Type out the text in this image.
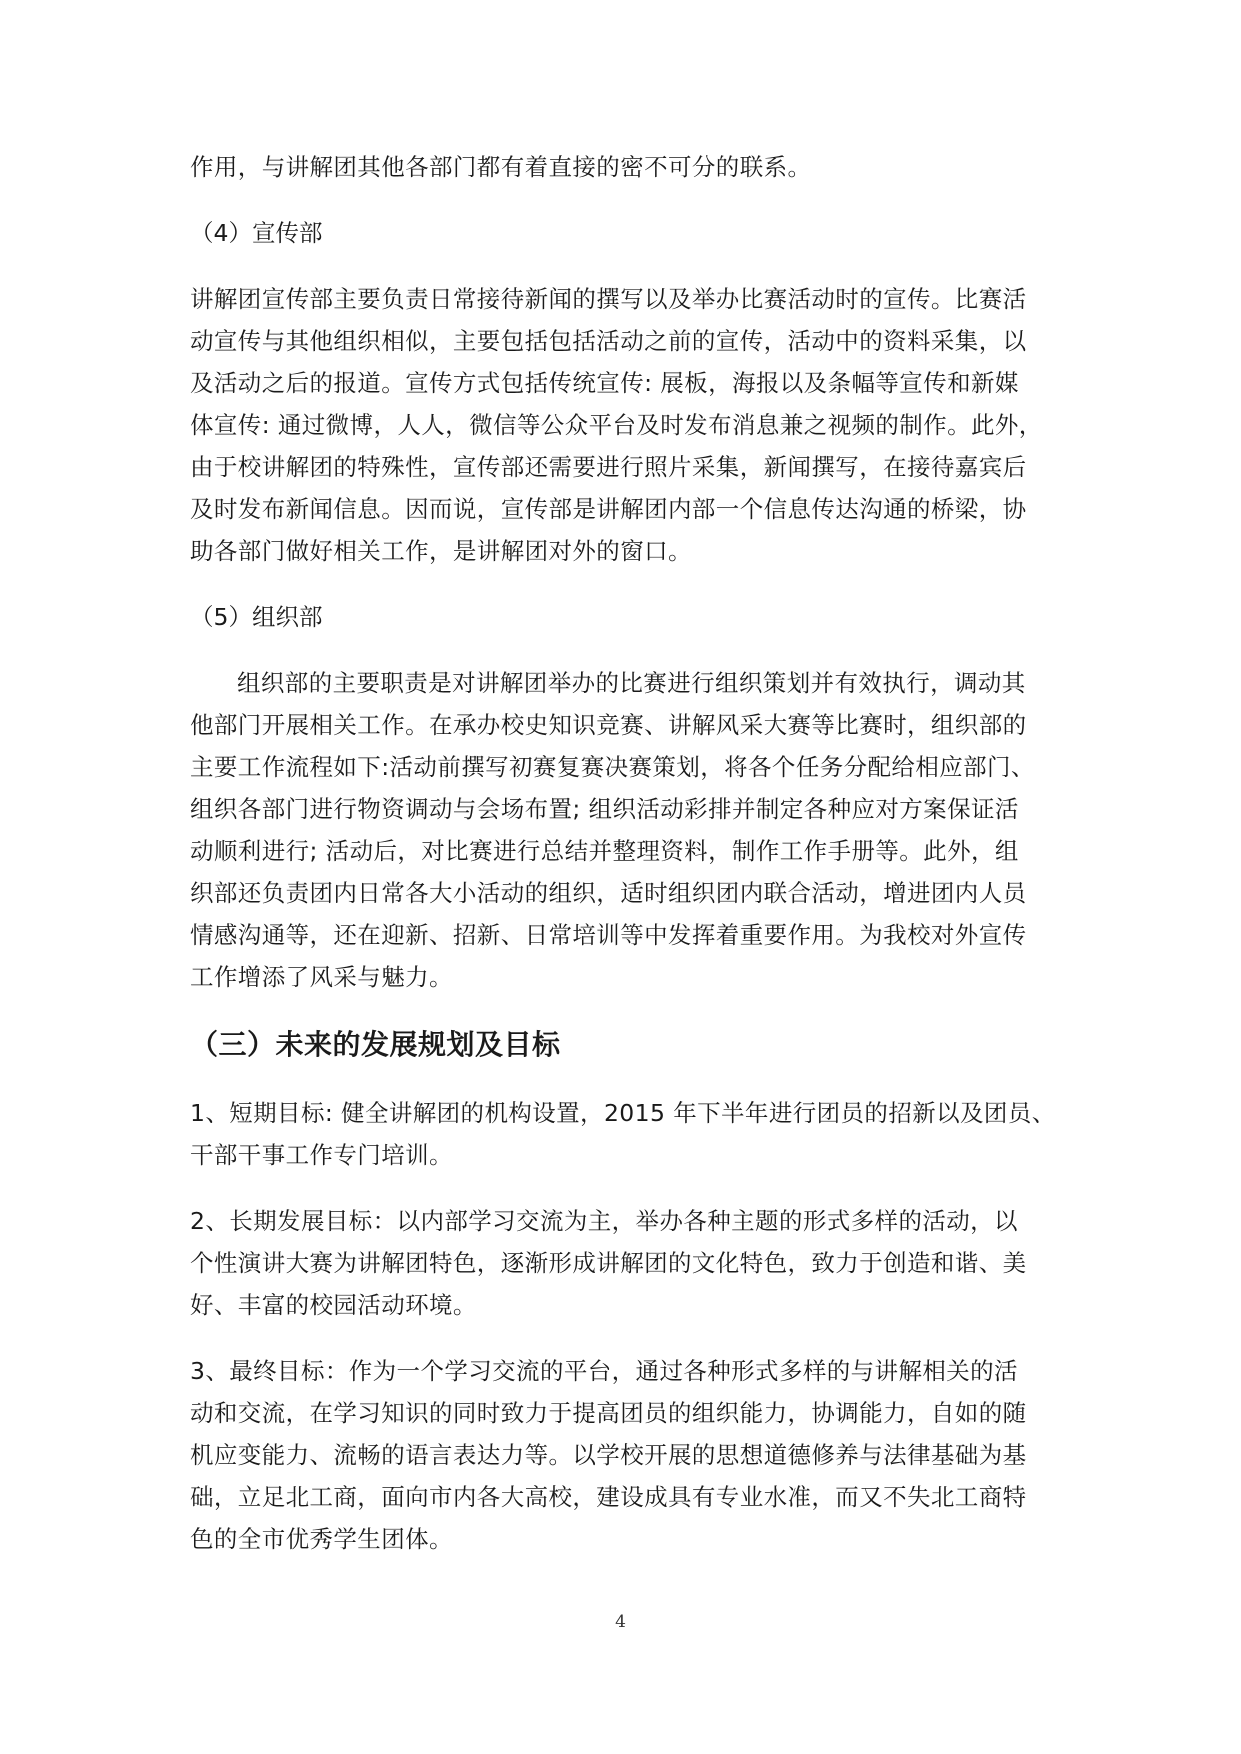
作用，与讲解团其他各部门都有着直接的密不可分的联系。

（4）宣传部

讲解团宣传部主要负责日常接待新闻的撰写以及举办比赛活动时的宣传。比赛活
动宣传与其他组织相似，主要包括包括活动之前的宣传，活动中的资料采集，以
及活动之后的报道。宣传方式包括传统宣传: 展板，海报以及条幅等宣传和新媒
体宣传: 通过微博，人人，微信等公众平台及时发布消息兼之视频的制作。此外，
由于校讲解团的特殊性，宣传部还需要进行照片采集，新闻撰写，在接待嘉宾后
及时发布新闻信息。因而说，宣传部是讲解团内部一个信息传达沟通的桥梁，协
助各部门做好相关工作，是讲解团对外的窗口。

（5）组织部

组织部的主要职责是对讲解团举办的比赛进行组织策划并有效执行，调动其
他部门开展相关工作。在承办校史知识竞赛、讲解风采大赛等比赛时，组织部的
主要工作流程如下:活动前撰写初赛复赛决赛策划，将各个任务分配给相应部门、
组织各部门进行物资调动与会场布置; 组织活动彩排并制定各种应对方案保证活
动顺利进行; 活动后，对比赛进行总结并整理资料，制作工作手册等。此外，组
织部还负责团内日常各大小活动的组织，适时组织团内联合活动，增进团内人员
情感沟通等，还在迎新、招新、日常培训等中发挥着重要作用。为我校对外宣传
工作增添了风采与魅力。

（三）未来的发展规划及目标

1、短期目标: 健全讲解团的机构设置，2015 年下半年进行团员的招新以及团员、
干部干事工作专门培训。

2、长期发展目标：以内部学习交流为主，举办各种主题的形式多样的活动，以
个性演讲大赛为讲解团特色，逐渐形成讲解团的文化特色，致力于创造和谐、美
好、丰富的校园活动环境。

3、最终目标：作为一个学习交流的平台，通过各种形式多样的与讲解相关的活
动和交流，在学习知识的同时致力于提高团员的组织能力，协调能力，自如的随
机应变能力、流畅的语言表达力等。以学校开展的思想道德修养与法律基础为基
础，立足北工商，面向市内各大高校，建设成具有专业水准，而又不失北工商特
色的全市优秀学生团体。

4
